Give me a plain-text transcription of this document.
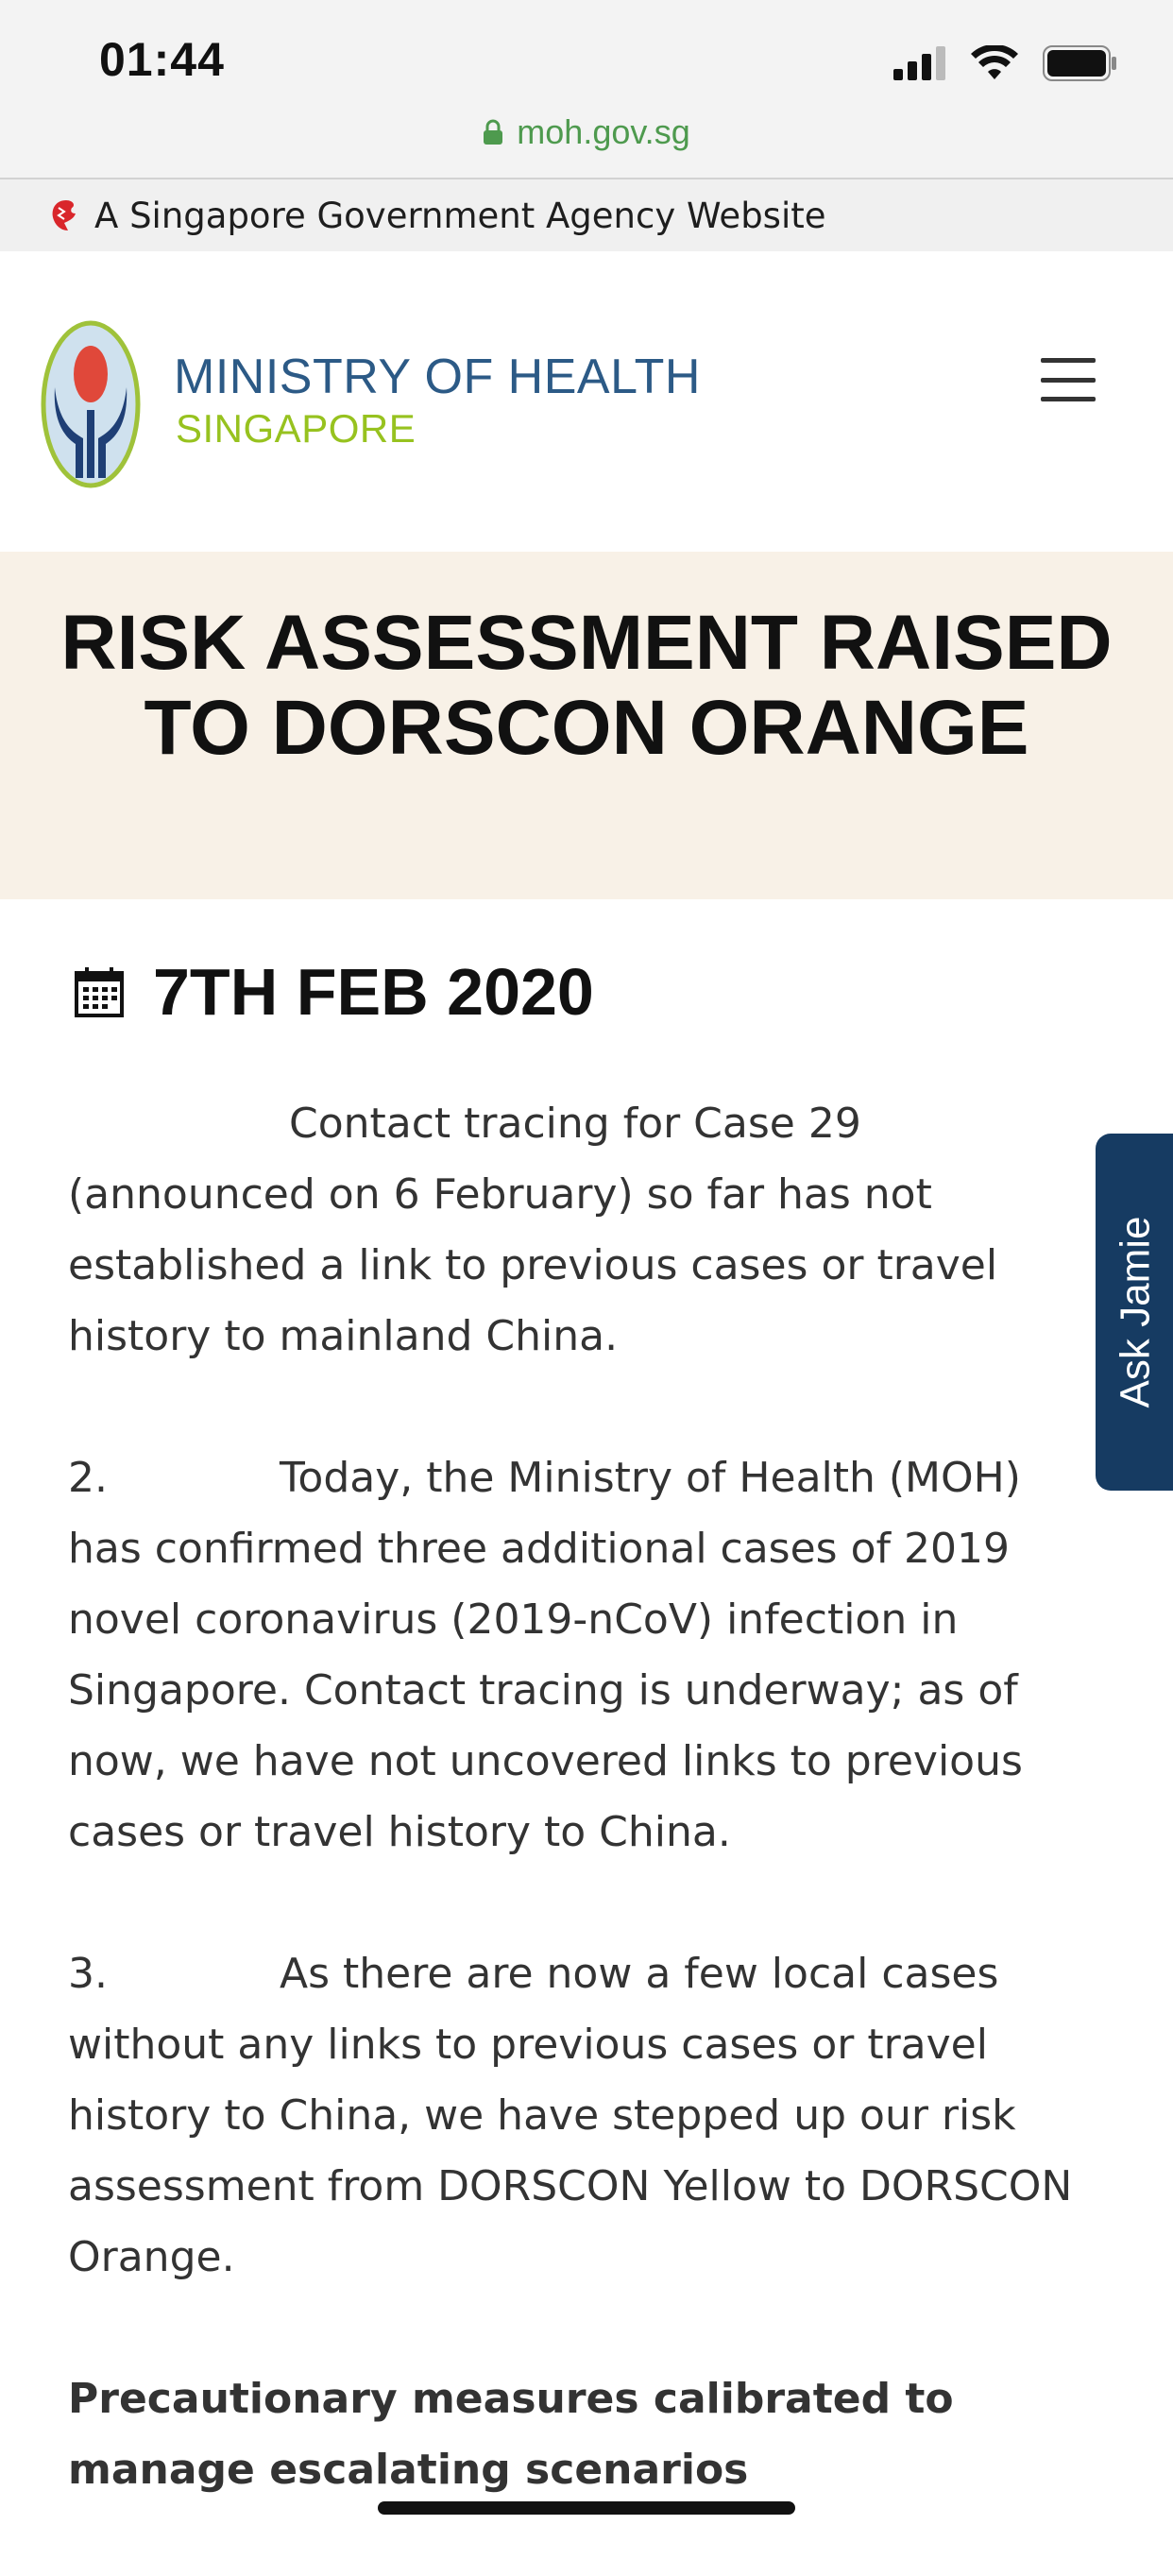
01:44
moh.gov.sg
A Singapore Government Agency Website
MINISTRY OF HEALTH
SINGAPORE
RISK ASSESSMENT RAISED
TO DORSCON ORANGE
7TH FEB 2020

Contact tracing for Case 29 (announced on 6 February) so far has not established a link to previous cases or travel history to mainland China.

2.	Today, the Ministry of Health (MOH) has confirmed three additional cases of 2019 novel coronavirus (2019-nCoV) infection in Singapore. Contact tracing is underway; as of now, we have not uncovered links to previous cases or travel history to China.

3.	As there are now a few local cases without any links to previous cases or travel history to China, we have stepped up our risk assessment from DORSCON Yellow to DORSCON Orange.

Precautionary measures calibrated to manage escalating scenarios

Ask Jamie
